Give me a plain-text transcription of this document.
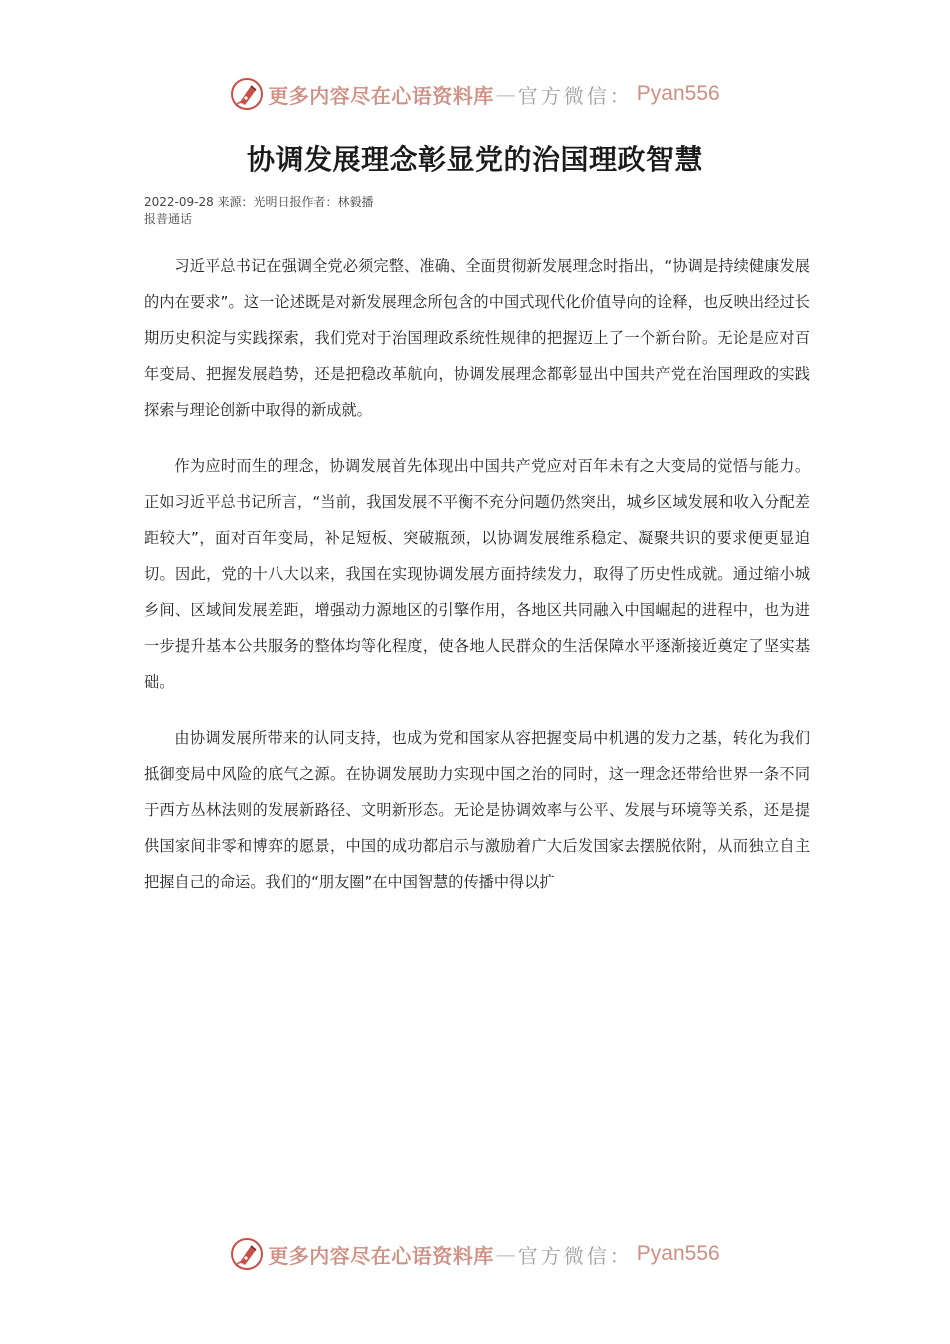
更多内容尽在心语资料库 — 官方微信： Pyan556
协调发展理念彰显党的治国理政智慧
2022-09-28 来源：光明日报作者：林毅播报普通话

习近平总书记在强调全党必须完整、准确、全面贯彻新发展理念时指出，“协调是持续健康发展的内在要求”。这一论述既是对新发展理念所包含的中国式现代化价值导向的诠释，也反映出经过长期历史积淀与实践探索，我们党对于治国理政系统性规律的把握迈上了一个新台阶。无论是应对百年变局、把握发展趋势，还是把稳改革航向，协调发展理念都彰显出中国共产党在治国理政的实践探索与理论创新中取得的新成就。

作为应时而生的理念，协调发展首先体现出中国共产党应对百年未有之大变局的觉悟与能力。正如习近平总书记所言，“当前，我国发展不平衡不充分问题仍然突出，城乡区域发展和收入分配差距较大”，面对百年变局，补足短板、突破瓶颈，以协调发展维系稳定、凝聚共识的要求便更显迫切。因此，党的十八大以来，我国在实现协调发展方面持续发力，取得了历史性成就。通过缩小城乡间、区域间发展差距，增强动力源地区的引擎作用，各地区共同融入中国崛起的进程中，也为进一步提升基本公共服务的整体均等化程度，使各地人民群众的生活保障水平逐渐接近奠定了坚实基础。

由协调发展所带来的认同支持，也成为党和国家从容把握变局中机遇的发力之基，转化为我们抵御变局中风险的底气之源。在协调发展助力实现中国之治的同时，这一理念还带给世界一条不同于西方丛林法则的发展新路径、文明新形态。无论是协调效率与公平、发展与环境等关系，还是提供国家间非零和博弈的愿景，中国的成功都启示与激励着广大后发国家去摆脱依附，从而独立自主把握自己的命运。我们的“朋友圈”在中国智慧的传播中得以扩

更多内容尽在心语资料库 — 官方微信： Pyan556
